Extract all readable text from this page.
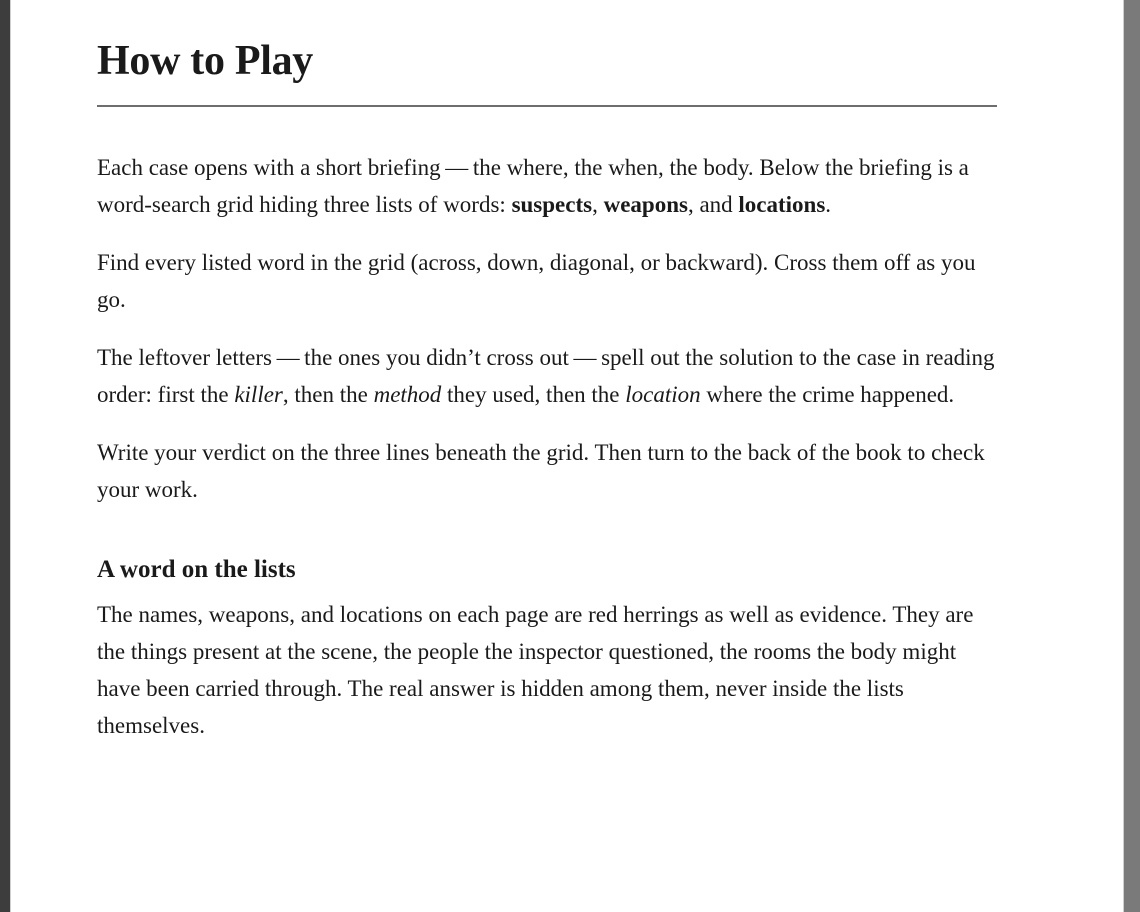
How to Play

Each case opens with a short briefing — the where, the when, the body. Below the briefing is a word-search grid hiding three lists of words: suspects, weapons, and locations.

Find every listed word in the grid (across, down, diagonal, or backward). Cross them off as you go.

The leftover letters — the ones you didn’t cross out — spell out the solution to the case in reading order: first the killer, then the method they used, then the location where the crime happened.

Write your verdict on the three lines beneath the grid. Then turn to the back of the book to check your work.

A word on the lists

The names, weapons, and locations on each page are red herrings as well as evidence. They are the things present at the scene, the people the inspector questioned, the rooms the body might have been carried through. The real answer is hidden among them, never inside the lists themselves.
